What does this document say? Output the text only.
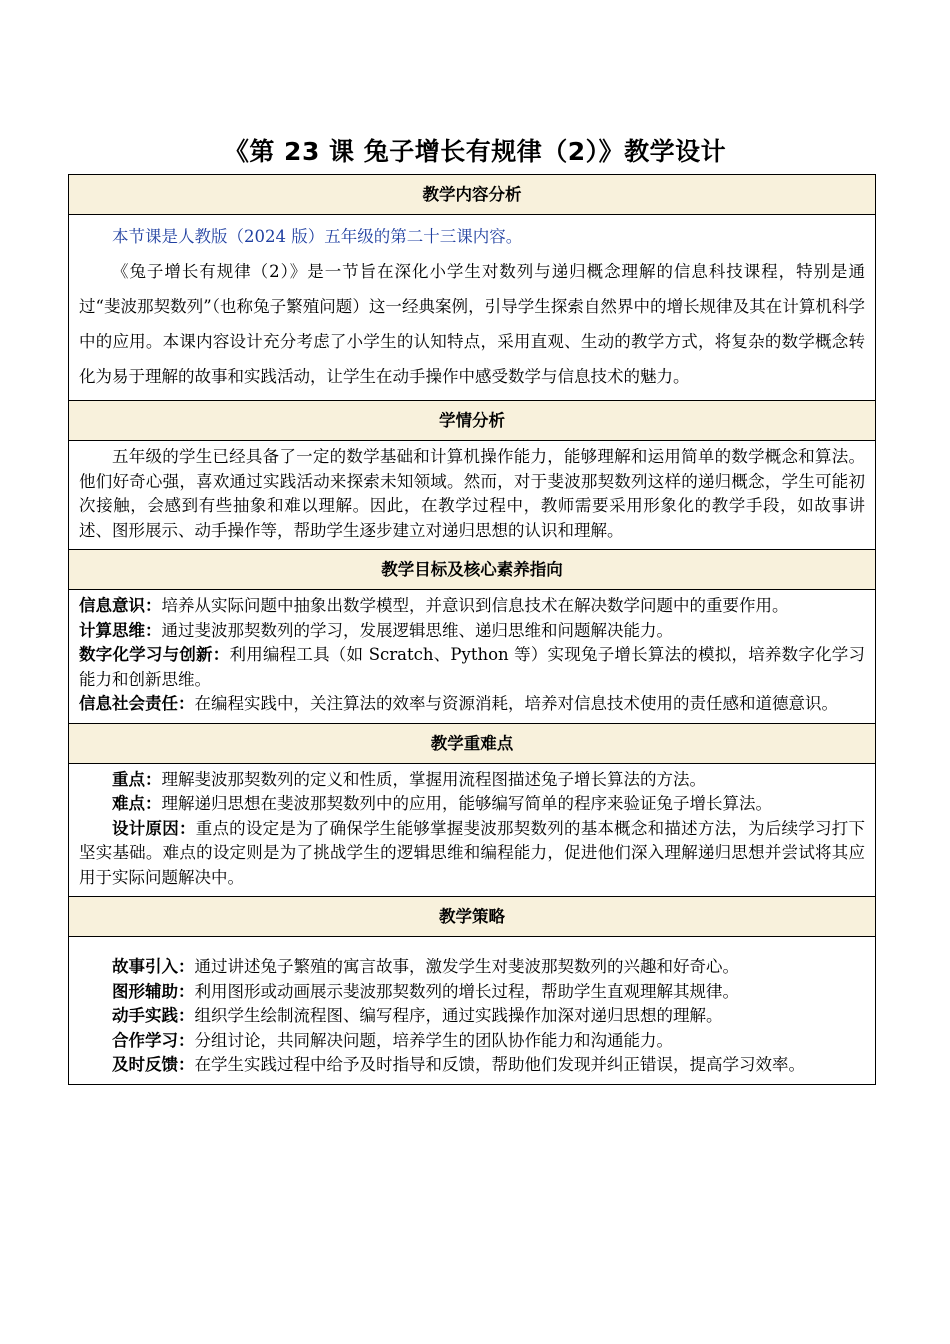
《第 23 课 兔子增长有规律（2）》教学设计
教学内容分析

本节课是人教版（2024 版）五年级的第二十三课内容。

《兔子增长有规律（2）》是一节旨在深化小学生对数列与递归概念理解的信息科技课程，特别是通过“斐波那契数列”（也称兔子繁殖问题）这一经典案例，引导学生探索自然界中的增长规律及其在计算机科学中的应用。本课内容设计充分考虑了小学生的认知特点，采用直观、生动的教学方式，将复杂的数学概念转化为易于理解的故事和实践活动，让学生在动手操作中感受数学与信息技术的魅力。

学情分析

五年级的学生已经具备了一定的数学基础和计算机操作能力，能够理解和运用简单的数学概念和算法。他们好奇心强，喜欢通过实践活动来探索未知领域。然而，对于斐波那契数列这样的递归概念，学生可能初次接触，会感到有些抽象和难以理解。因此，在教学过程中，教师需要采用形象化的教学手段，如故事讲述、图形展示、动手操作等，帮助学生逐步建立对递归思想的认识和理解。

教学目标及核心素养指向

信息意识：培养从实际问题中抽象出数学模型，并意识到信息技术在解决数学问题中的重要作用。

计算思维：通过斐波那契数列的学习，发展逻辑思维、递归思维和问题解决能力。

数字化学习与创新：利用编程工具（如 Scratch、Python 等）实现兔子增长算法的模拟，培养数字化学习能力和创新思维。

信息社会责任：在编程实践中，关注算法的效率与资源消耗，培养对信息技术使用的责任感和道德意识。

教学重难点

重点：理解斐波那契数列的定义和性质，掌握用流程图描述兔子增长算法的方法。

难点：理解递归思想在斐波那契数列中的应用，能够编写简单的程序来验证兔子增长算法。

设计原因：重点的设定是为了确保学生能够掌握斐波那契数列的基本概念和描述方法，为后续学习打下坚实基础。难点的设定则是为了挑战学生的逻辑思维和编程能力，促进他们深入理解递归思想并尝试将其应用于实际问题解决中。

教学策略

故事引入：通过讲述兔子繁殖的寓言故事，激发学生对斐波那契数列的兴趣和好奇心。

图形辅助：利用图形或动画展示斐波那契数列的增长过程，帮助学生直观理解其规律。

动手实践：组织学生绘制流程图、编写程序，通过实践操作加深对递归思想的理解。

合作学习：分组讨论，共同解决问题，培养学生的团队协作能力和沟通能力。

及时反馈：在学生实践过程中给予及时指导和反馈，帮助他们发现并纠正错误，提高学习效率。
